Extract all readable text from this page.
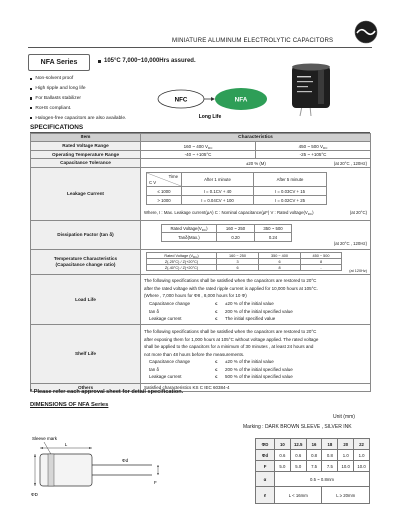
MINIATURE ALUMINUM ELECTROLYTIC CAPACITORS
NFA Series	105°C 7,000~10,000Hrs assured.
Non-solvent proof
High ripple and long life
For Ballasts stabilizer
RoHS compliant.
Halogen-free capacitors are also available.
NFC	NFA
Long Life
SPECIFICATIONS
Item	Characteristics
Rated Voltage Range	160 ~ 400 $V_{DC}$	450 ~ 500 $V_{DC}$
Operating Temperature Range	-40 ~ +105°C	-25 ~ +105°C
Capacitance Tolerance	±20 % (M)	(at 20°C , 120Hz)

Leakage Current	
Time
C V
	After 1 minute	After 5 minute
≤ 1000	I = 0.1CV + 40	I = 0.03CV + 15
> 1000	I = 0.04CV + 100	I = 0.02CV + 25
Where, I : Max. Leakage current(μA) C : Nominal capacitance(μF) V : Rated $voltage(V_{DC})$	(at 20°C)

Dissipation Factor (tan δ)	
Rated $Voltage(V_{DC})$	160 ~ 250	350 ~ 500
Tanδ(Max.)	0.20	0.24
(at 20°C , 120Hz)

Temperature Characteristics
(Capacitance change ratio)

Rated Voltage $(V_{DC})$	160 ~ 250	350 ~ 400	450 ~ 500
Z(-25°C) / Z(+20°C)	3	6	8
Z(-40°C) / Z(+20°C)	6	8	-
(at 120Hz)

Load Life	
The following specifications shall be satisfied when the capacitors are restored to 20°C
after the rated voltage with the rated ripple current is applied for 10,000 hours at 105°C.
(Where , 7,000 hours for Φ8 , 8,000 hours for 10 Φ)
Capacitance change	≤	±20 % of the initial value
tan δ	≤	200 % of the initial specified value
Leakage current	≤	The initial specified value

Shelf Life	
The following specifications shall be satisfied when the capacitors are restored to 20°C
after exposing them for 1,000 hours at 105°C without voltage applied. The rated voltage
shall be applied to the capacitors for a minimum of 30 minutes , at least 24 hours and
not more than 48 hours before the measurements.
Capacitance change	≤	±20 % of the initial value
tan δ	≤	200 % of the initial specified value
Leakage current	≤	500 % of the initial specified value

Others	Satisfied characteristics KS C IEC 60384-4
* Please refer each approval sheet for detail specification.
DIMENSIONS OF NFA Series
Unit (mm)
Marking : DARK BROWN SLEEVE , SILVER INK
Sleeve mark
L
ΦD
Φd
F
ΦD	10	12.5	16	18	20	22
Φd	0.6	0.6	0.8	0.8	1.0	1.0
F	5.0	5.0	7.5	7.5	10.0	10.0
α	0.5 ~ 0.8mm					
ℓ	L < 16mm			L ≥ 20mm		
